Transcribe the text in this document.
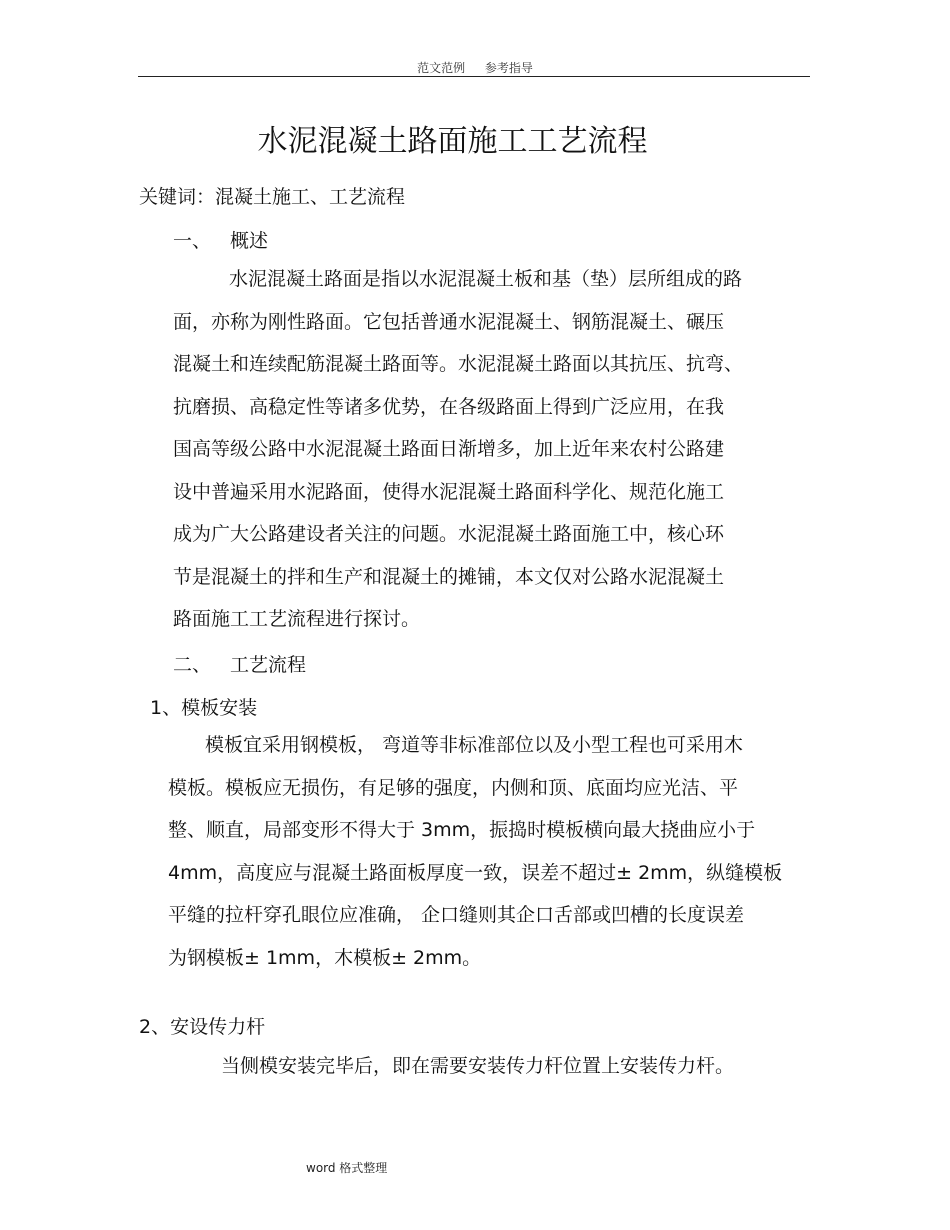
范文范例 参考指导
水泥混凝土路面施工工艺流程
关键词：混凝土施工、工艺流程
一、 概述
水泥混凝土路面是指以水泥混凝土板和基（垫）层所组成的路
面，亦称为刚性路面。它包括普通水泥混凝土、钢筋混凝土、碾压
混凝土和连续配筋混凝土路面等。水泥混凝土路面以其抗压、抗弯、
抗磨损、高稳定性等诸多优势，在各级路面上得到广泛应用，在我
国高等级公路中水泥混凝土路面日渐增多，加上近年来农村公路建
设中普遍采用水泥路面，使得水泥混凝土路面科学化、规范化施工
成为广大公路建设者关注的问题。水泥混凝土路面施工中，核心环
节是混凝土的拌和生产和混凝土的摊铺，本文仅对公路水泥混凝土
路面施工工艺流程进行探讨。
二、 工艺流程
1、模板安装
模板宜采用钢模板， 弯道等非标准部位以及小型工程也可采用木
模板。模板应无损伤，有足够的强度，内侧和顶、底面均应光洁、平
整、顺直，局部变形不得大于 3mm，振捣时模板横向最大挠曲应小于
4mm，高度应与混凝土路面板厚度一致，误差不超过± 2mm，纵缝模板
平缝的拉杆穿孔眼位应准确， 企口缝则其企口舌部或凹槽的长度误差
为钢模板± 1mm，木模板± 2mm。
2、安设传力杆
当侧模安装完毕后，即在需要安装传力杆位置上安装传力杆。
word 格式整理
